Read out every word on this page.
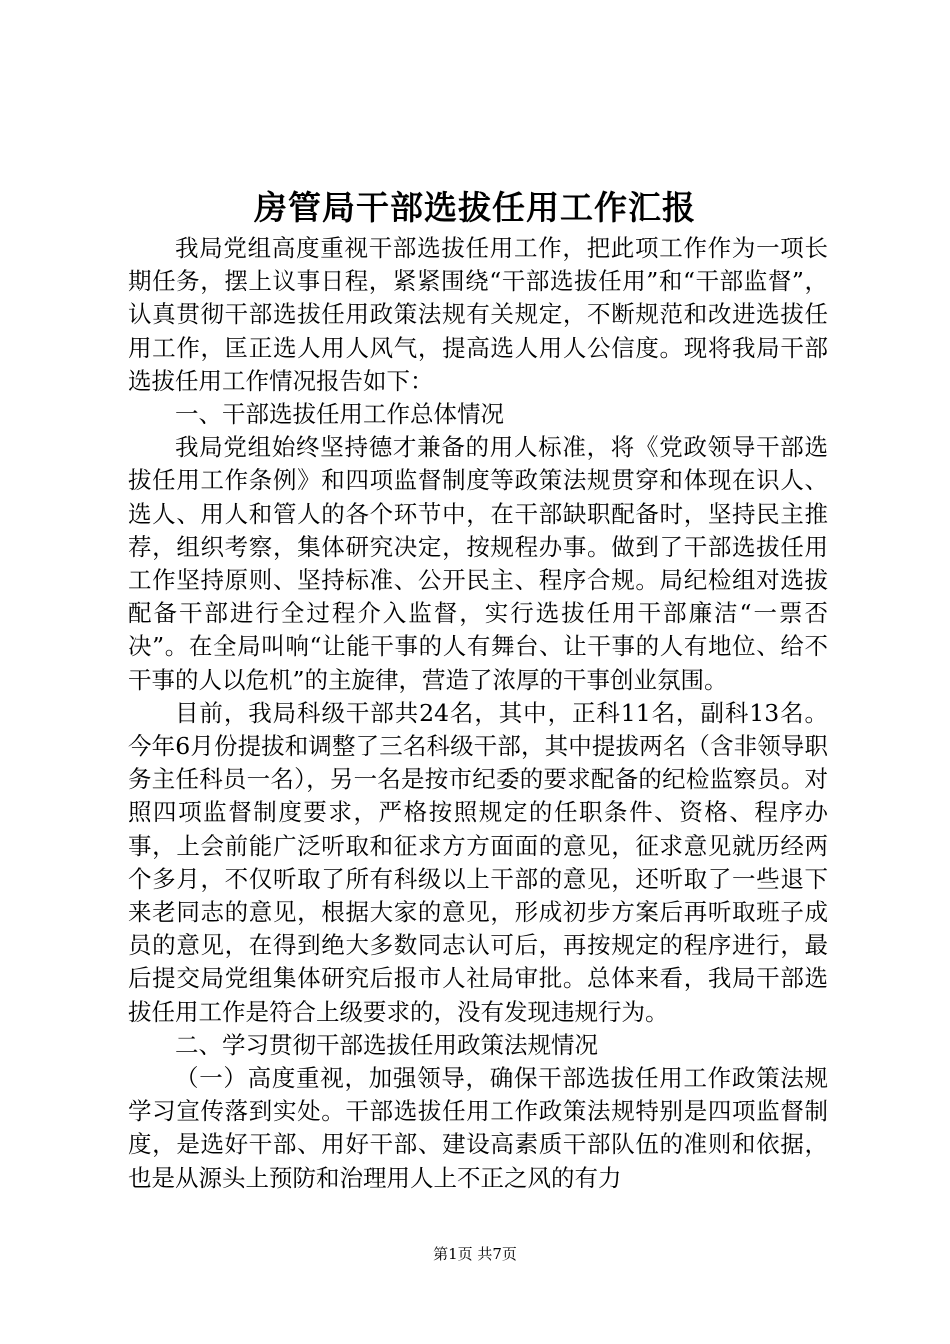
房管局干部选拔任用工作汇报

我局党组高度重视干部选拔任用工作，把此项工作作为一项长期任务，摆上议事日程，紧紧围绕“干部选拔任用”和“干部监督”，认真贯彻干部选拔任用政策法规有关规定，不断规范和改进选拔任用工作，匡正选人用人风气，提高选人用人公信度。现将我局干部选拔任用工作情况报告如下：

一、干部选拔任用工作总体情况

我局党组始终坚持德才兼备的用人标准，将《党政领导干部选拔任用工作条例》和四项监督制度等政策法规贯穿和体现在识人、选人、用人和管人的各个环节中，在干部缺职配备时，坚持民主推荐，组织考察，集体研究决定，按规程办事。做到了干部选拔任用工作坚持原则、坚持标准、公开民主、程序合规。局纪检组对选拔配备干部进行全过程介入监督，实行选拔任用干部廉洁“一票否决”。在全局叫响“让能干事的人有舞台、让干事的人有地位、给不干事的人以危机”的主旋律，营造了浓厚的干事创业氛围。

目前，我局科级干部共24名，其中，正科11名，副科13名。今年6月份提拔和调整了三名科级干部，其中提拔两名（含非领导职务主任科员一名），另一名是按市纪委的要求配备的纪检监察员。对照四项监督制度要求，严格按照规定的任职条件、资格、程序办事，上会前能广泛听取和征求方方面面的意见，征求意见就历经两个多月，不仅听取了所有科级以上干部的意见，还听取了一些退下来老同志的意见，根据大家的意见，形成初步方案后再听取班子成员的意见，在得到绝大多数同志认可后，再按规定的程序进行，最后提交局党组集体研究后报市人社局审批。总体来看，我局干部选拔任用工作是符合上级要求的，没有发现违规行为。

二、学习贯彻干部选拔任用政策法规情况

（一）高度重视，加强领导，确保干部选拔任用工作政策法规学习宣传落到实处。干部选拔任用工作政策法规特别是四项监督制度，是选好干部、用好干部、建设高素质干部队伍的准则和依据，也是从源头上预防和治理用人上不正之风的有力

第1页 共7页
